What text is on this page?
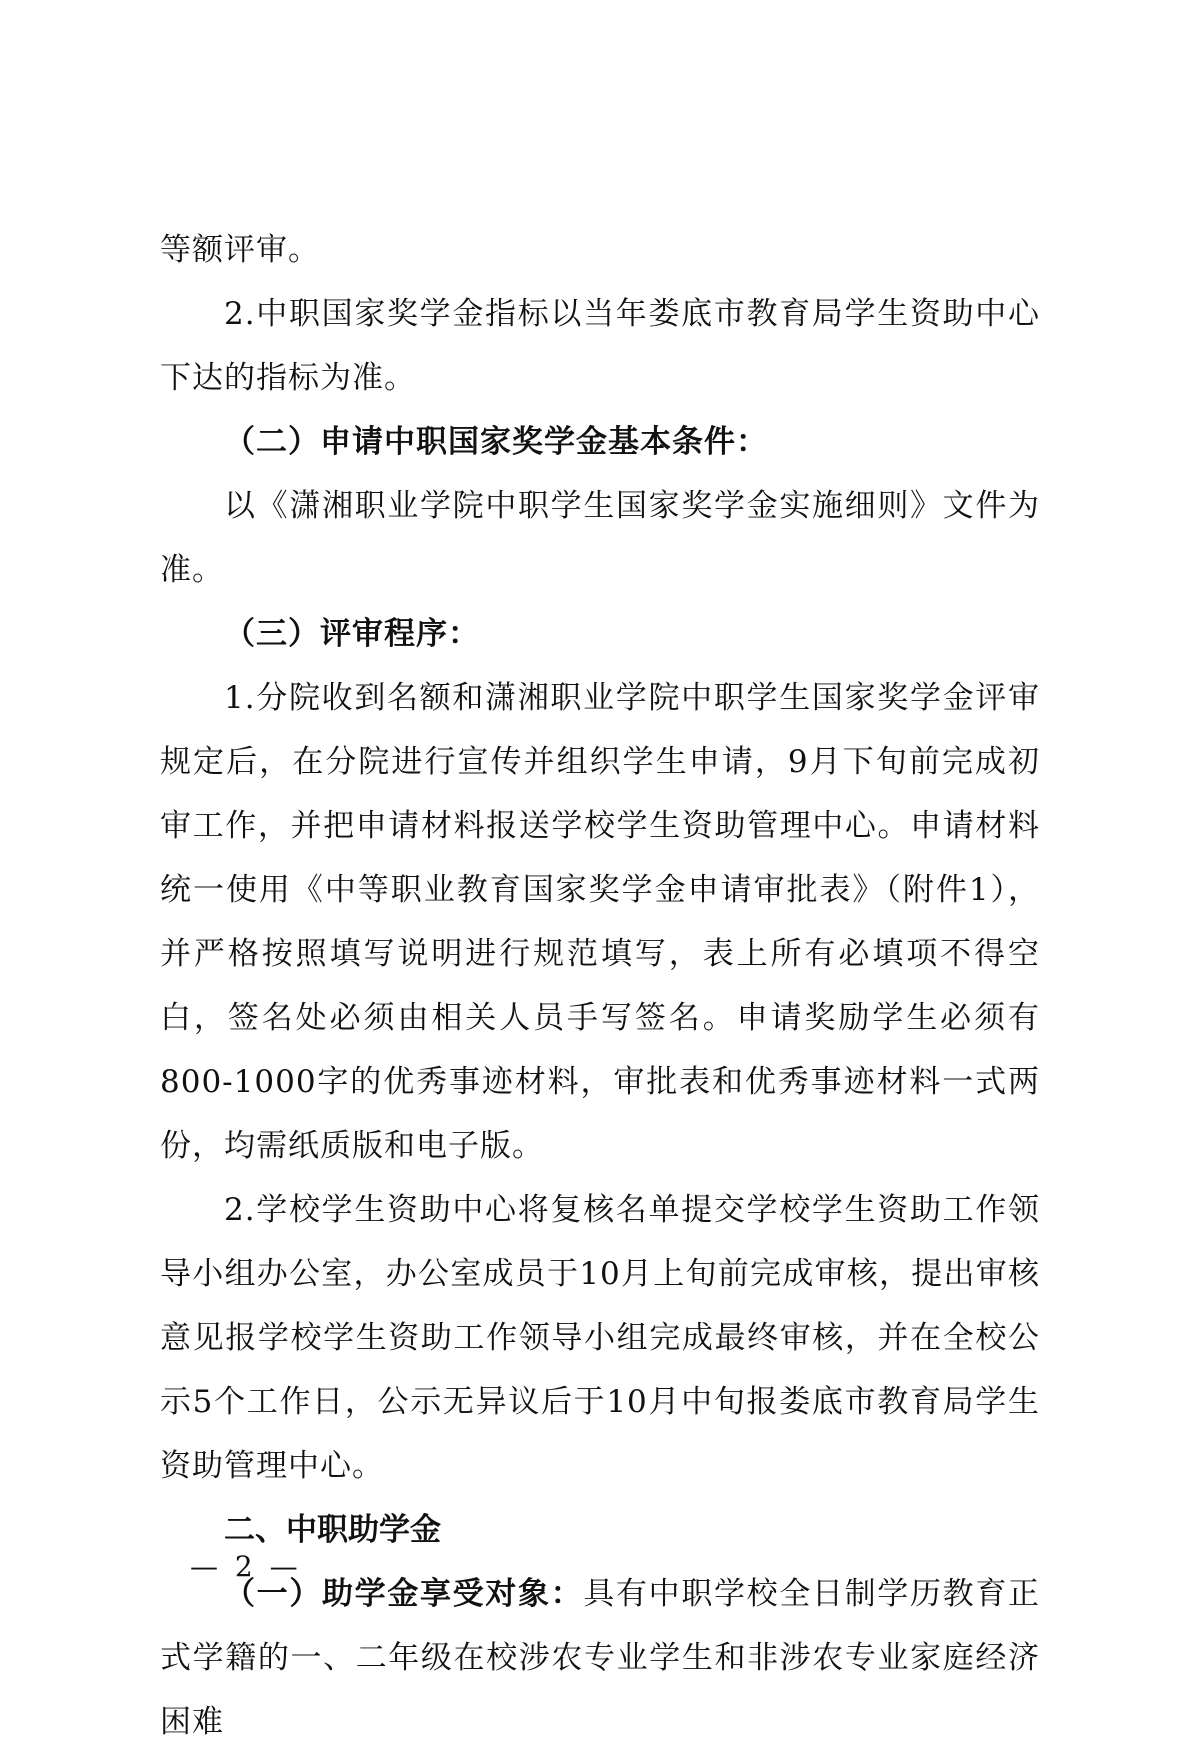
等额评审。

2.中职国家奖学金指标以当年娄底市教育局学生资助中心下达的指标为准。

（二）申请中职国家奖学金基本条件：

以《潇湘职业学院中职学生国家奖学金实施细则》文件为准。

（三）评审程序：

1.分院收到名额和潇湘职业学院中职学生国家奖学金评审规定后，在分院进行宣传并组织学生申请，9月下旬前完成初审工作，并把申请材料报送学校学生资助管理中心。申请材料统一使用《中等职业教育国家奖学金申请审批表》（附件1），并严格按照填写说明进行规范填写，表上所有必填项不得空白，签名处必须由相关人员手写签名。申请奖励学生必须有800-1000字的优秀事迹材料，审批表和优秀事迹材料一式两份，均需纸质版和电子版。

2.学校学生资助中心将复核名单提交学校学生资助工作领导小组办公室，办公室成员于10月上旬前完成审核，提出审核意见报学校学生资助工作领导小组完成最终审核，并在全校公示5个工作日，公示无异议后于10月中旬报娄底市教育局学生资助管理中心。

二、中职助学金

（一）助学金享受对象：具有中职学校全日制学历教育正式学籍的一、二年级在校涉农专业学生和非涉农专业家庭经济困难

— 2 —
